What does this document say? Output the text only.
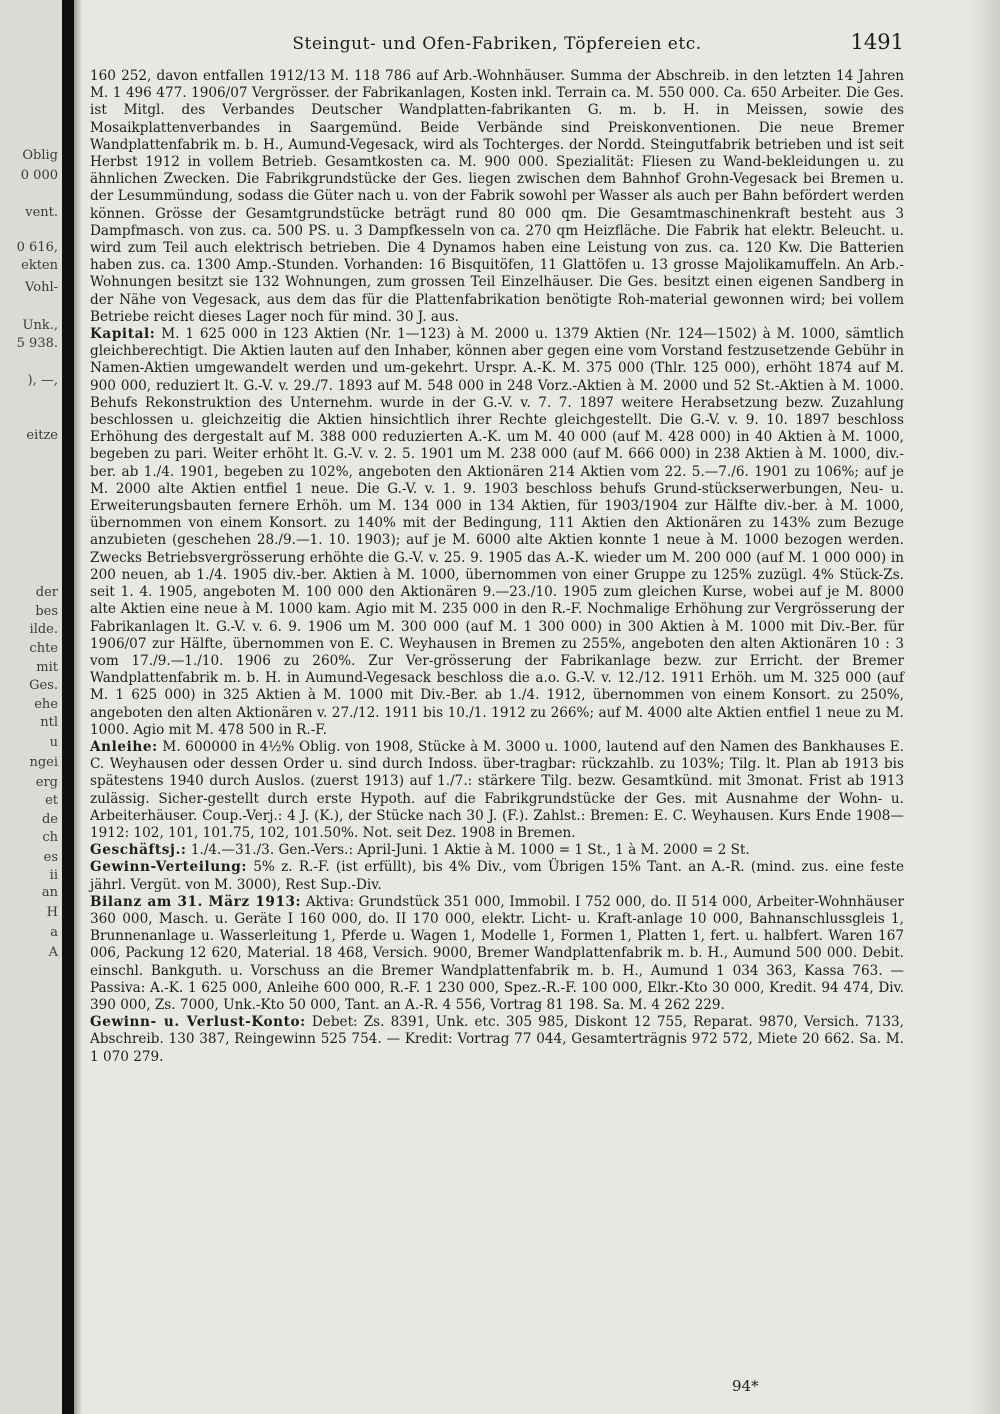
Oblig
0 000
vent.
0 616,
ekten
Vohl-
Unk.,
5 938.
), —,
eitze
der
bes
ilde.
chte
mit
Ges.
ehe
ntl
u
ngei
erg
et
de
ch
es
ii
an
H
a
A
Steingut- und Ofen-Fabriken, Töpfereien etc.	1491

160 252, davon entfallen 1912/13 M. 118 786 auf Arb.-Wohnhäuser. Summa der Abschreib. in den letzten 14 Jahren M. 1 496 477. 1906/07 Vergrösser. der Fabrikanlagen, Kosten inkl. Terrain ca. M. 550 000. Ca. 650 Arbeiter. Die Ges. ist Mitgl. des Verbandes Deutscher Wandplatten-fabrikanten G. m. b. H. in Meissen, sowie des Mosaikplattenverbandes in Saargemünd. Beide Verbände sind Preiskonventionen. Die neue Bremer Wandplattenfabrik m. b. H., Aumund-Vegesack, wird als Tochterges. der Nordd. Steingutfabrik betrieben und ist seit Herbst 1912 in vollem Betrieb. Gesamtkosten ca. M. 900 000. Spezialität: Fliesen zu Wand-bekleidungen u. zu ähnlichen Zwecken. Die Fabrikgrundstücke der Ges. liegen zwischen dem Bahnhof Grohn-Vegesack bei Bremen u. der Lesummündung, sodass die Güter nach u. von der Fabrik sowohl per Wasser als auch per Bahn befördert werden können. Grösse der Gesamtgrundstücke beträgt rund 80 000 qm. Die Gesamtmaschinenkraft besteht aus 3 Dampfmasch. von zus. ca. 500 PS. u. 3 Dampfkesseln von ca. 270 qm Heizfläche. Die Fabrik hat elektr. Beleucht. u. wird zum Teil auch elektrisch betrieben. Die 4 Dynamos haben eine Leistung von zus. ca. 120 Kw. Die Batterien haben zus. ca. 1300 Amp.-Stunden. Vorhanden: 16 Bisquitöfen, 11 Glattöfen u. 13 grosse Majolikamuffeln. An Arb.-Wohnungen besitzt sie 132 Wohnungen, zum grossen Teil Einzelhäuser. Die Ges. besitzt einen eigenen Sandberg in der Nähe von Vegesack, aus dem das für die Plattenfabrikation benötigte Roh-material gewonnen wird; bei vollem Betriebe reicht dieses Lager noch für mind. 30 J. aus.

Kapital: M. 1 625 000 in 123 Aktien (Nr. 1—123) à M. 2000 u. 1379 Aktien (Nr. 124—1502) à M. 1000, sämtlich gleichberechtigt. Die Aktien lauten auf den Inhaber, können aber gegen eine vom Vorstand festzusetzende Gebühr in Namen-Aktien umgewandelt werden und um-gekehrt. Urspr. A.-K. M. 375 000 (Thlr. 125 000), erhöht 1874 auf M. 900 000, reduziert lt. G.-V. v. 29./7. 1893 auf M. 548 000 in 248 Vorz.-Aktien à M. 2000 und 52 St.-Aktien à M. 1000. Behufs Rekonstruktion des Unternehm. wurde in der G.-V. v. 7. 7. 1897 weitere Herabsetzung bezw. Zuzahlung beschlossen u. gleichzeitig die Aktien hinsichtlich ihrer Rechte gleichgestellt. Die G.-V. v. 9. 10. 1897 beschloss Erhöhung des dergestalt auf M. 388 000 reduzierten A.-K. um M. 40 000 (auf M. 428 000) in 40 Aktien à M. 1000, begeben zu pari. Weiter erhöht lt. G.-V. v. 2. 5. 1901 um M. 238 000 (auf M. 666 000) in 238 Aktien à M. 1000, div.-ber. ab 1./4. 1901, begeben zu 102%, angeboten den Aktionären 214 Aktien vom 22. 5.—7./6. 1901 zu 106%; auf je M. 2000 alte Aktien entfiel 1 neue. Die G.-V. v. 1. 9. 1903 beschloss behufs Grund-stückserwerbungen, Neu- u. Erweiterungsbauten fernere Erhöh. um M. 134 000 in 134 Aktien, für 1903/1904 zur Hälfte div.-ber. à M. 1000, übernommen von einem Konsort. zu 140% mit der Bedingung, 111 Aktien den Aktionären zu 143% zum Bezuge anzubieten (geschehen 28./9.—1. 10. 1903); auf je M. 6000 alte Aktien konnte 1 neue à M. 1000 bezogen werden. Zwecks Betriebsvergrösserung erhöhte die G.-V. v. 25. 9. 1905 das A.-K. wieder um M. 200 000 (auf M. 1 000 000) in 200 neuen, ab 1./4. 1905 div.-ber. Aktien à M. 1000, übernommen von einer Gruppe zu 125% zuzügl. 4% Stück-Zs. seit 1. 4. 1905, angeboten M. 100 000 den Aktionären 9.—23./10. 1905 zum gleichen Kurse, wobei auf je M. 8000 alte Aktien eine neue à M. 1000 kam. Agio mit M. 235 000 in den R.-F. Nochmalige Erhöhung zur Vergrösserung der Fabrikanlagen lt. G.-V. v. 6. 9. 1906 um M. 300 000 (auf M. 1 300 000) in 300 Aktien à M. 1000 mit Div.-Ber. für 1906/07 zur Hälfte, übernommen von E. C. Weyhausen in Bremen zu 255%, angeboten den alten Aktionären 10 : 3 vom 17./9.—1./10. 1906 zu 260%. Zur Ver-grösserung der Fabrikanlage bezw. zur Erricht. der Bremer Wandplattenfabrik m. b. H. in Aumund-Vegesack beschloss die a.o. G.-V. v. 12./12. 1911 Erhöh. um M. 325 000 (auf M. 1 625 000) in 325 Aktien à M. 1000 mit Div.-Ber. ab 1./4. 1912, übernommen von einem Konsort. zu 250%, angeboten den alten Aktionären v. 27./12. 1911 bis 10./1. 1912 zu 266%; auf M. 4000 alte Aktien entfiel 1 neue zu M. 1000. Agio mit M. 478 500 in R.-F.

Anleihe: M. 600000 in 4½% Oblig. von 1908, Stücke à M. 3000 u. 1000, lautend auf den Namen des Bankhauses E. C. Weyhausen oder dessen Order u. sind durch Indoss. über-tragbar: rückzahlb. zu 103%; Tilg. lt. Plan ab 1913 bis spätestens 1940 durch Auslos. (zuerst 1913) auf 1./7.: stärkere Tilg. bezw. Gesamtkünd. mit 3monat. Frist ab 1913 zulässig. Sicher-gestellt durch erste Hypoth. auf die Fabrikgrundstücke der Ges. mit Ausnahme der Wohn- u. Arbeiterhäuser. Coup.-Verj.: 4 J. (K.), der Stücke nach 30 J. (F.). Zahlst.: Bremen: E. C. Weyhausen. Kurs Ende 1908—1912: 102, 101, 101.75, 102, 101.50%. Not. seit Dez. 1908 in Bremen.

Geschäftsj.: 1./4.—31./3. Gen.-Vers.: April-Juni. 1 Aktie à M. 1000 = 1 St., 1 à M. 2000 = 2 St.

Gewinn-Verteilung: 5% z. R.-F. (ist erfüllt), bis 4% Div., vom Übrigen 15% Tant. an A.-R. (mind. zus. eine feste jährl. Vergüt. von M. 3000), Rest Sup.-Div.

Bilanz am 31. März 1913: Aktiva: Grundstück 351 000, Immobil. I 752 000, do. II 514 000, Arbeiter-Wohnhäuser 360 000, Masch. u. Geräte I 160 000, do. II 170 000, elektr. Licht- u. Kraft-anlage 10 000, Bahnanschlussgleis 1, Brunnenanlage u. Wasserleitung 1, Pferde u. Wagen 1, Modelle 1, Formen 1, Platten 1, fert. u. halbfert. Waren 167 006, Packung 12 620, Material. 18 468, Versich. 9000, Bremer Wandplattenfabrik m. b. H., Aumund 500 000. Debit. einschl. Bankguth. u. Vorschuss an die Bremer Wandplattenfabrik m. b. H., Aumund 1 034 363, Kassa 763. — Passiva: A.-K. 1 625 000, Anleihe 600 000, R.-F. 1 230 000, Spez.-R.-F. 100 000, Elkr.-Kto 30 000, Kredit. 94 474, Div. 390 000, Zs. 7000, Unk.-Kto 50 000, Tant. an A.-R. 4 556, Vortrag 81 198. Sa. M. 4 262 229.

Gewinn- u. Verlust-Konto: Debet: Zs. 8391, Unk. etc. 305 985, Diskont 12 755, Reparat. 9870, Versich. 7133, Abschreib. 130 387, Reingewinn 525 754. — Kredit: Vortrag 77 044, Gesamterträgnis 972 572, Miete 20 662. Sa. M. 1 070 279.

94*
